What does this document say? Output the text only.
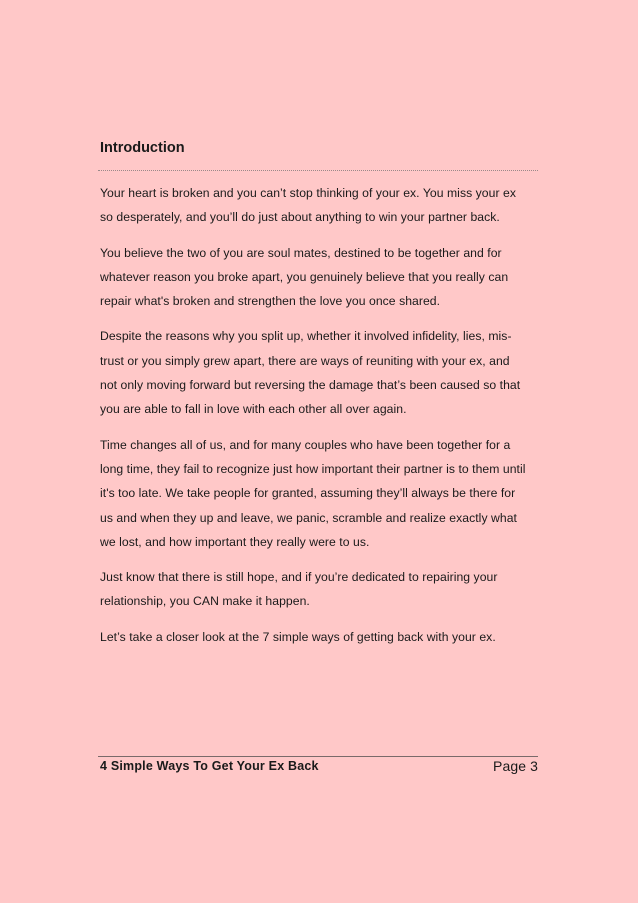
Introduction

Your heart is broken and you can’t stop thinking of your ex. You miss your ex
so desperately, and you’ll do just about anything to win your partner back.

You believe the two of you are soul mates, destined to be together and for
whatever reason you broke apart, you genuinely believe that you really can
repair what's broken and strengthen the love you once shared.

Despite the reasons why you split up, whether it involved infidelity, lies, mis-
trust or you simply grew apart, there are ways of reuniting with your ex, and
not only moving forward but reversing the damage that’s been caused so that
you are able to fall in love with each other all over again.

Time changes all of us, and for many couples who have been together for a
long time, they fail to recognize just how important their partner is to them until
it's too late. We take people for granted, assuming they’ll always be there for
us and when they up and leave, we panic, scramble and realize exactly what
we lost, and how important they really were to us.

Just know that there is still hope, and if you’re dedicated to repairing your
relationship, you CAN make it happen.

Let’s take a closer look at the 7 simple ways of getting back with your ex.

4 Simple Ways To Get Your Ex Back	Page 3
